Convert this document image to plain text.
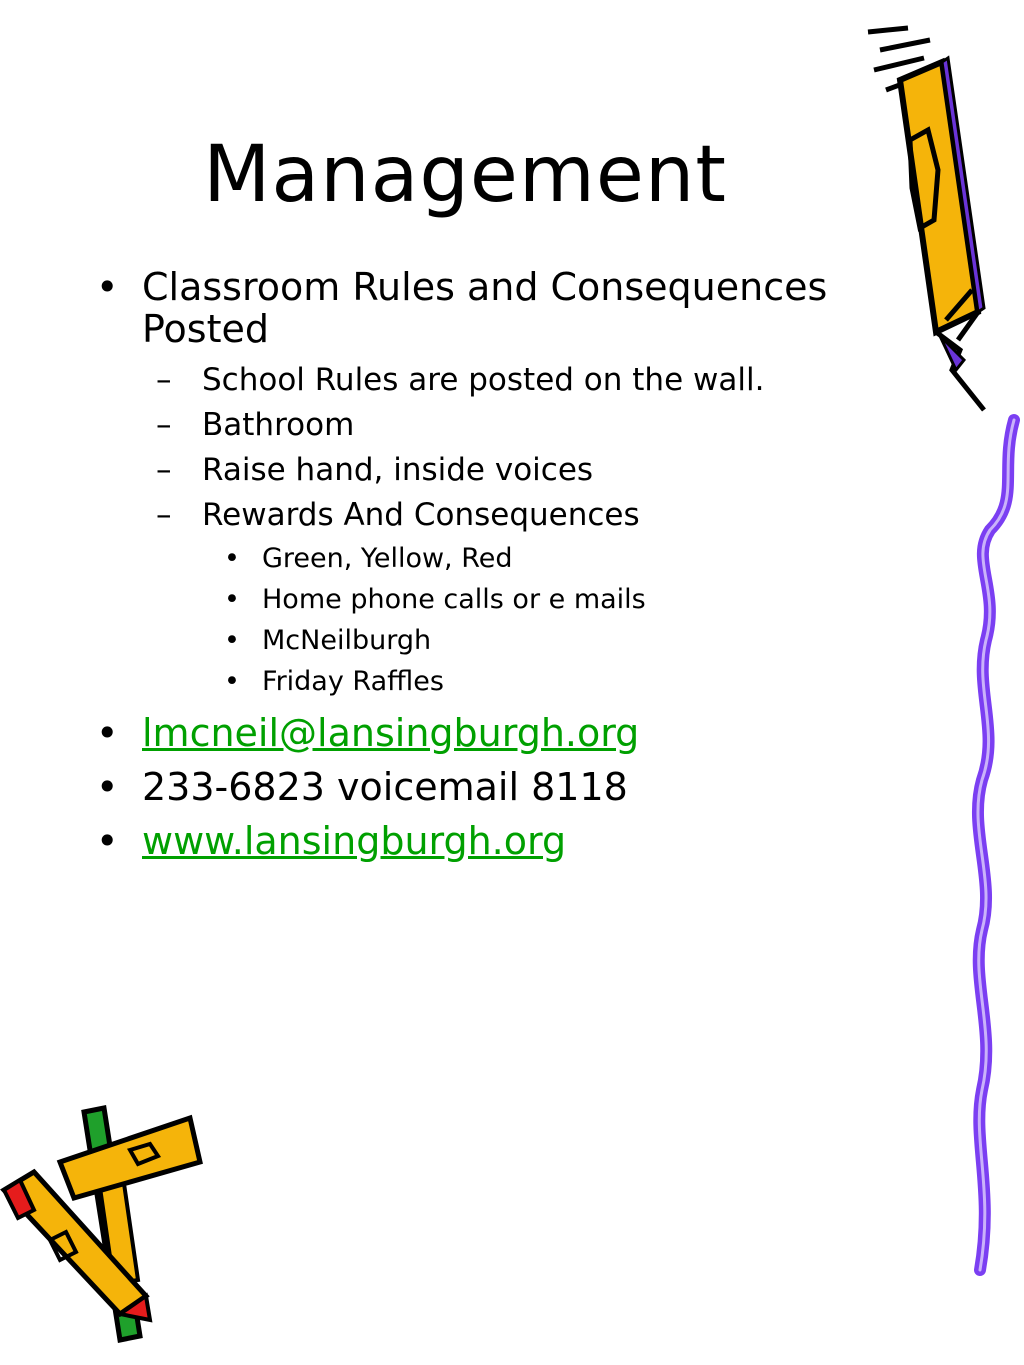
Management
• Classroom Rules and Consequences
Posted
– School Rules are posted on the wall.
– Bathroom
– Raise hand, inside voices
– Rewards And Consequences
• Green, Yellow, Red
• Home phone calls or e mails
• McNeilburgh
• Friday Raffles
• lmcneil@lansingburgh.org
• 233-6823 voicemail 8118
• www.lansingburgh.org
